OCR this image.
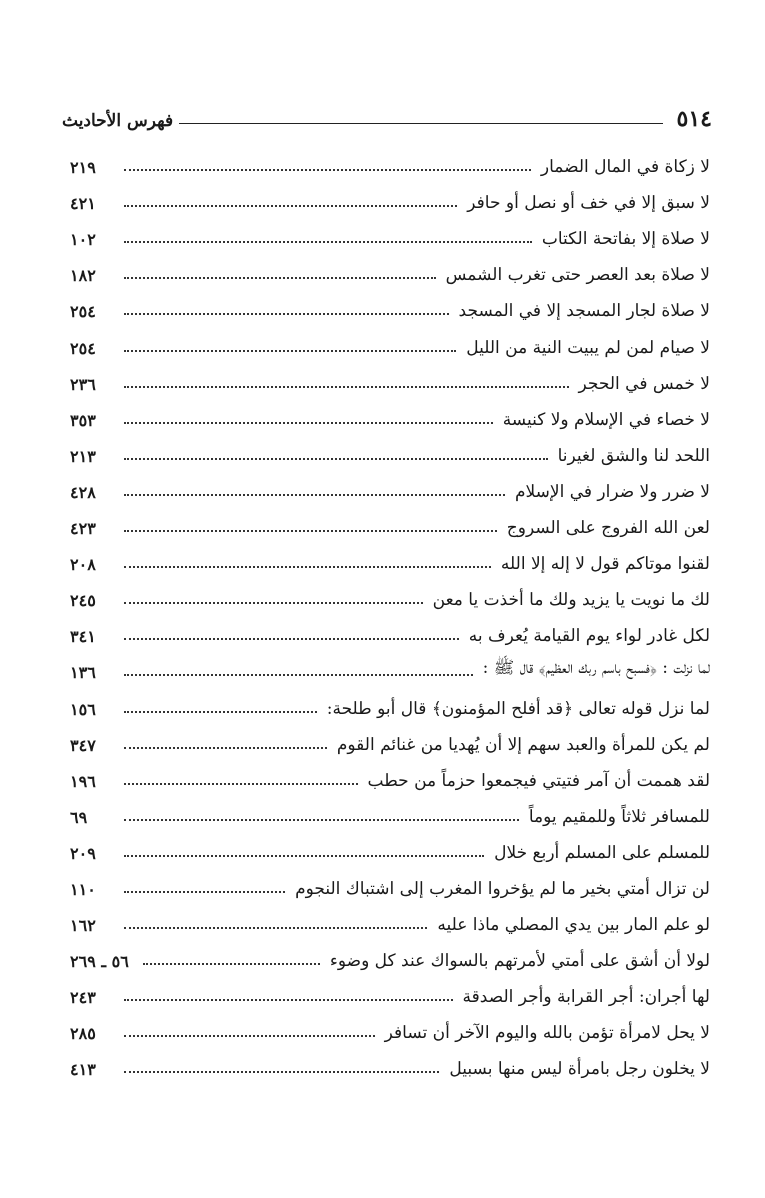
٥١٤
فهرس الأحاديث
لا زكاة في المال الضمار
٢١٩
لا سبق إلا في خف أو نصل أو حافر
٤٢١
لا صلاة إلا بفاتحة الكتاب
١٠٢
لا صلاة بعد العصر حتى تغرب الشمس
١٨٢
لا صلاة لجار المسجد إلا في المسجد
٢٥٤
لا صيام لمن لم يبيت النية من الليل
٢٥٤
لا خمس في الحجر
٢٣٦
لا خصاء في الإسلام ولا كنيسة
٣٥٣
اللحد لنا والشق لغيرنا
٢١٣
لا ضرر ولا ضرار في الإسلام
٤٢٨
لعن الله الفروج على السروج
٤٢٣
لقنوا موتاكم قول لا إله إلا الله
٢٠٨
لك ما نويت يا يزيد ولك ما أخذت يا معن
٢٤٥
لكل غادر لواء يوم القيامة يُعرف به
٣٤١
لما نزلت : ﴿فسبح باسم ربك العظيم﴾ قال ﷺ :
١٣٦
لما نزل قوله تعالى ﴿قد أفلح المؤمنون﴾ قال أبو طلحة:
١٥٦
لم يكن للمرأة والعبد سهم إلا أن يُهديا من غنائم القوم
٣٤٧
لقد هممت أن آمر فتيتي فيجمعوا حزماً من حطب
١٩٦
للمسافر ثلاثاً وللمقيم يوماً
٦٩
للمسلم على المسلم أربع خلال
٢٠٩
لن تزال أمتي بخير ما لم يؤخروا المغرب إلى اشتباك النجوم
١١٠
لو علم المار بين يدي المصلي ماذا عليه
١٦٢
لولا أن أشق على أمتي لأمرتهم بالسواك عند كل وضوء
٥٦ ـ ٢٦٩
لها أجران: أجر القرابة وأجر الصدقة
٢٤٣
لا يحل لامرأة تؤمن بالله واليوم الآخر أن تسافر
٢٨٥
لا يخلون رجل بامرأة ليس منها بسبيل
٤١٣
